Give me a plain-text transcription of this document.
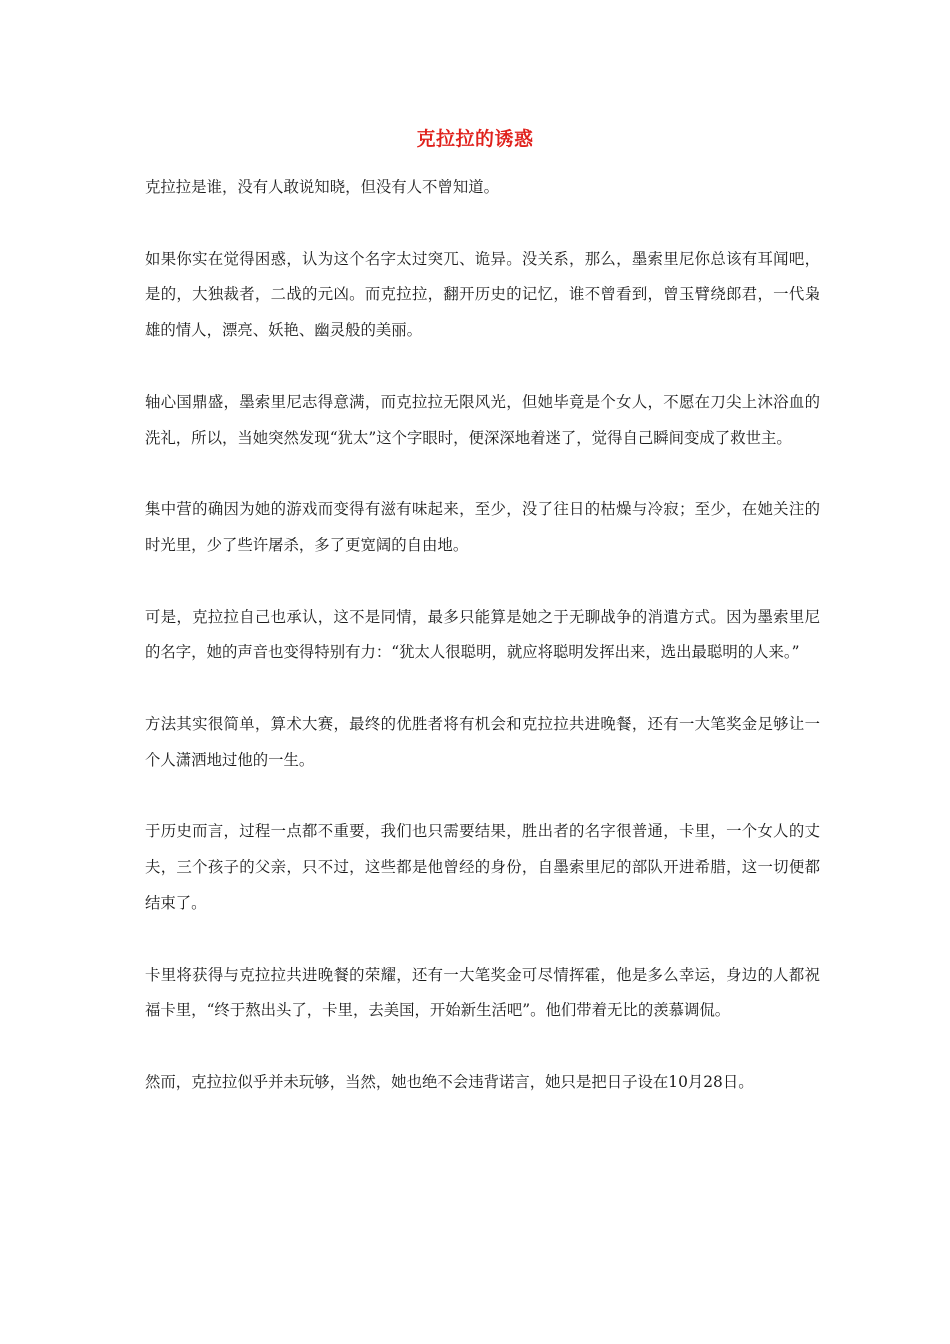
克拉拉的诱惑

克拉拉是谁，没有人敢说知晓，但没有人不曾知道。

如果你实在觉得困惑，认为这个名字太过突兀、诡异。没关系，那么，墨索里尼你总该有耳闻吧，是的，大独裁者，二战的元凶。而克拉拉，翻开历史的记忆，谁不曾看到，曾玉臂绕郎君，一代枭雄的情人，漂亮、妖艳、幽灵般的美丽。

轴心国鼎盛，墨索里尼志得意满，而克拉拉无限风光，但她毕竟是个女人，不愿在刀尖上沐浴血的洗礼，所以，当她突然发现“犹太”这个字眼时，便深深地着迷了，觉得自己瞬间变成了救世主。

集中营的确因为她的游戏而变得有滋有味起来，至少，没了往日的枯燥与冷寂；至少，在她关注的时光里，少了些许屠杀，多了更宽阔的自由地。

可是，克拉拉自己也承认，这不是同情，最多只能算是她之于无聊战争的消遣方式。因为墨索里尼的名字，她的声音也变得特别有力：“犹太人很聪明，就应将聪明发挥出来，选出最聪明的人来。”

方法其实很简单，算术大赛，最终的优胜者将有机会和克拉拉共进晚餐，还有一大笔奖金足够让一个人潇洒地过他的一生。

于历史而言，过程一点都不重要，我们也只需要结果，胜出者的名字很普通，卡里，一个女人的丈夫，三个孩子的父亲，只不过，这些都是他曾经的身份，自墨索里尼的部队开进希腊，这一切便都结束了。

卡里将获得与克拉拉共进晚餐的荣耀，还有一大笔奖金可尽情挥霍，他是多么幸运，身边的人都祝福卡里，“终于熬出头了，卡里，去美国，开始新生活吧”。他们带着无比的羡慕调侃。

然而，克拉拉似乎并未玩够，当然，她也绝不会违背诺言，她只是把日子设在10月28日。
